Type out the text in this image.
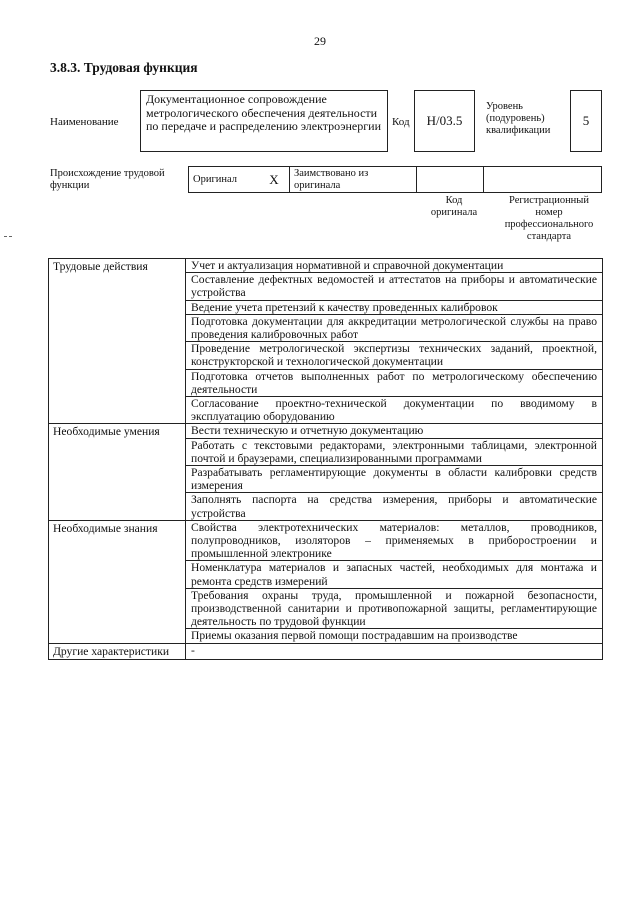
29
3.8.3. Трудовая функция
Наименование
Документационное сопровождение метрологического обеспечения деятельности по передаче и распределению электроэнергии	Код Н/03.5
Уровень (подуровень) квалификации
5
Происхождение трудовой функции
Оригинал	X	Заимствовано из оригинала		
Код оригинала
Регистрационный номер профессионального стандарта
Трудовые действия	Учет и актуализация нормативной и справочной документации
	Составление дефектных ведомостей и аттестатов на приборы и автоматические устройства
	Ведение учета претензий к качеству проведенных калибровок
	Подготовка документации для аккредитации метрологической службы на право проведения калибровочных работ
	Проведение метрологической экспертизы технических заданий, проектной, конструкторской и технологической документации
	Подготовка отчетов выполненных работ по метрологическому обеспечению деятельности
	Согласование проектно-технической документации по вводимому в эксплуатацию оборудованию
Необходимые умения	Вести техническую и отчетную документацию
	Работать с текстовыми редакторами, электронными таблицами, электронной почтой и браузерами, специализированными программами
	Разрабатывать регламентирующие документы в области калибровки средств измерения
	Заполнять паспорта на средства измерения, приборы и автоматические устройства
Необходимые знания	Свойства электротехнических материалов: металлов, проводников, полупроводников, изоляторов – применяемых в приборостроении и промышленной электронике
	Номенклатура материалов и запасных частей, необходимых для монтажа и ремонта средств измерений
	Требования охраны труда, промышленной и пожарной безопасности, производственной санитарии и противопожарной защиты, регламентирующие деятельность по трудовой функции
	Приемы оказания первой помощи пострадавшим на производстве
Другие характеристики	-
